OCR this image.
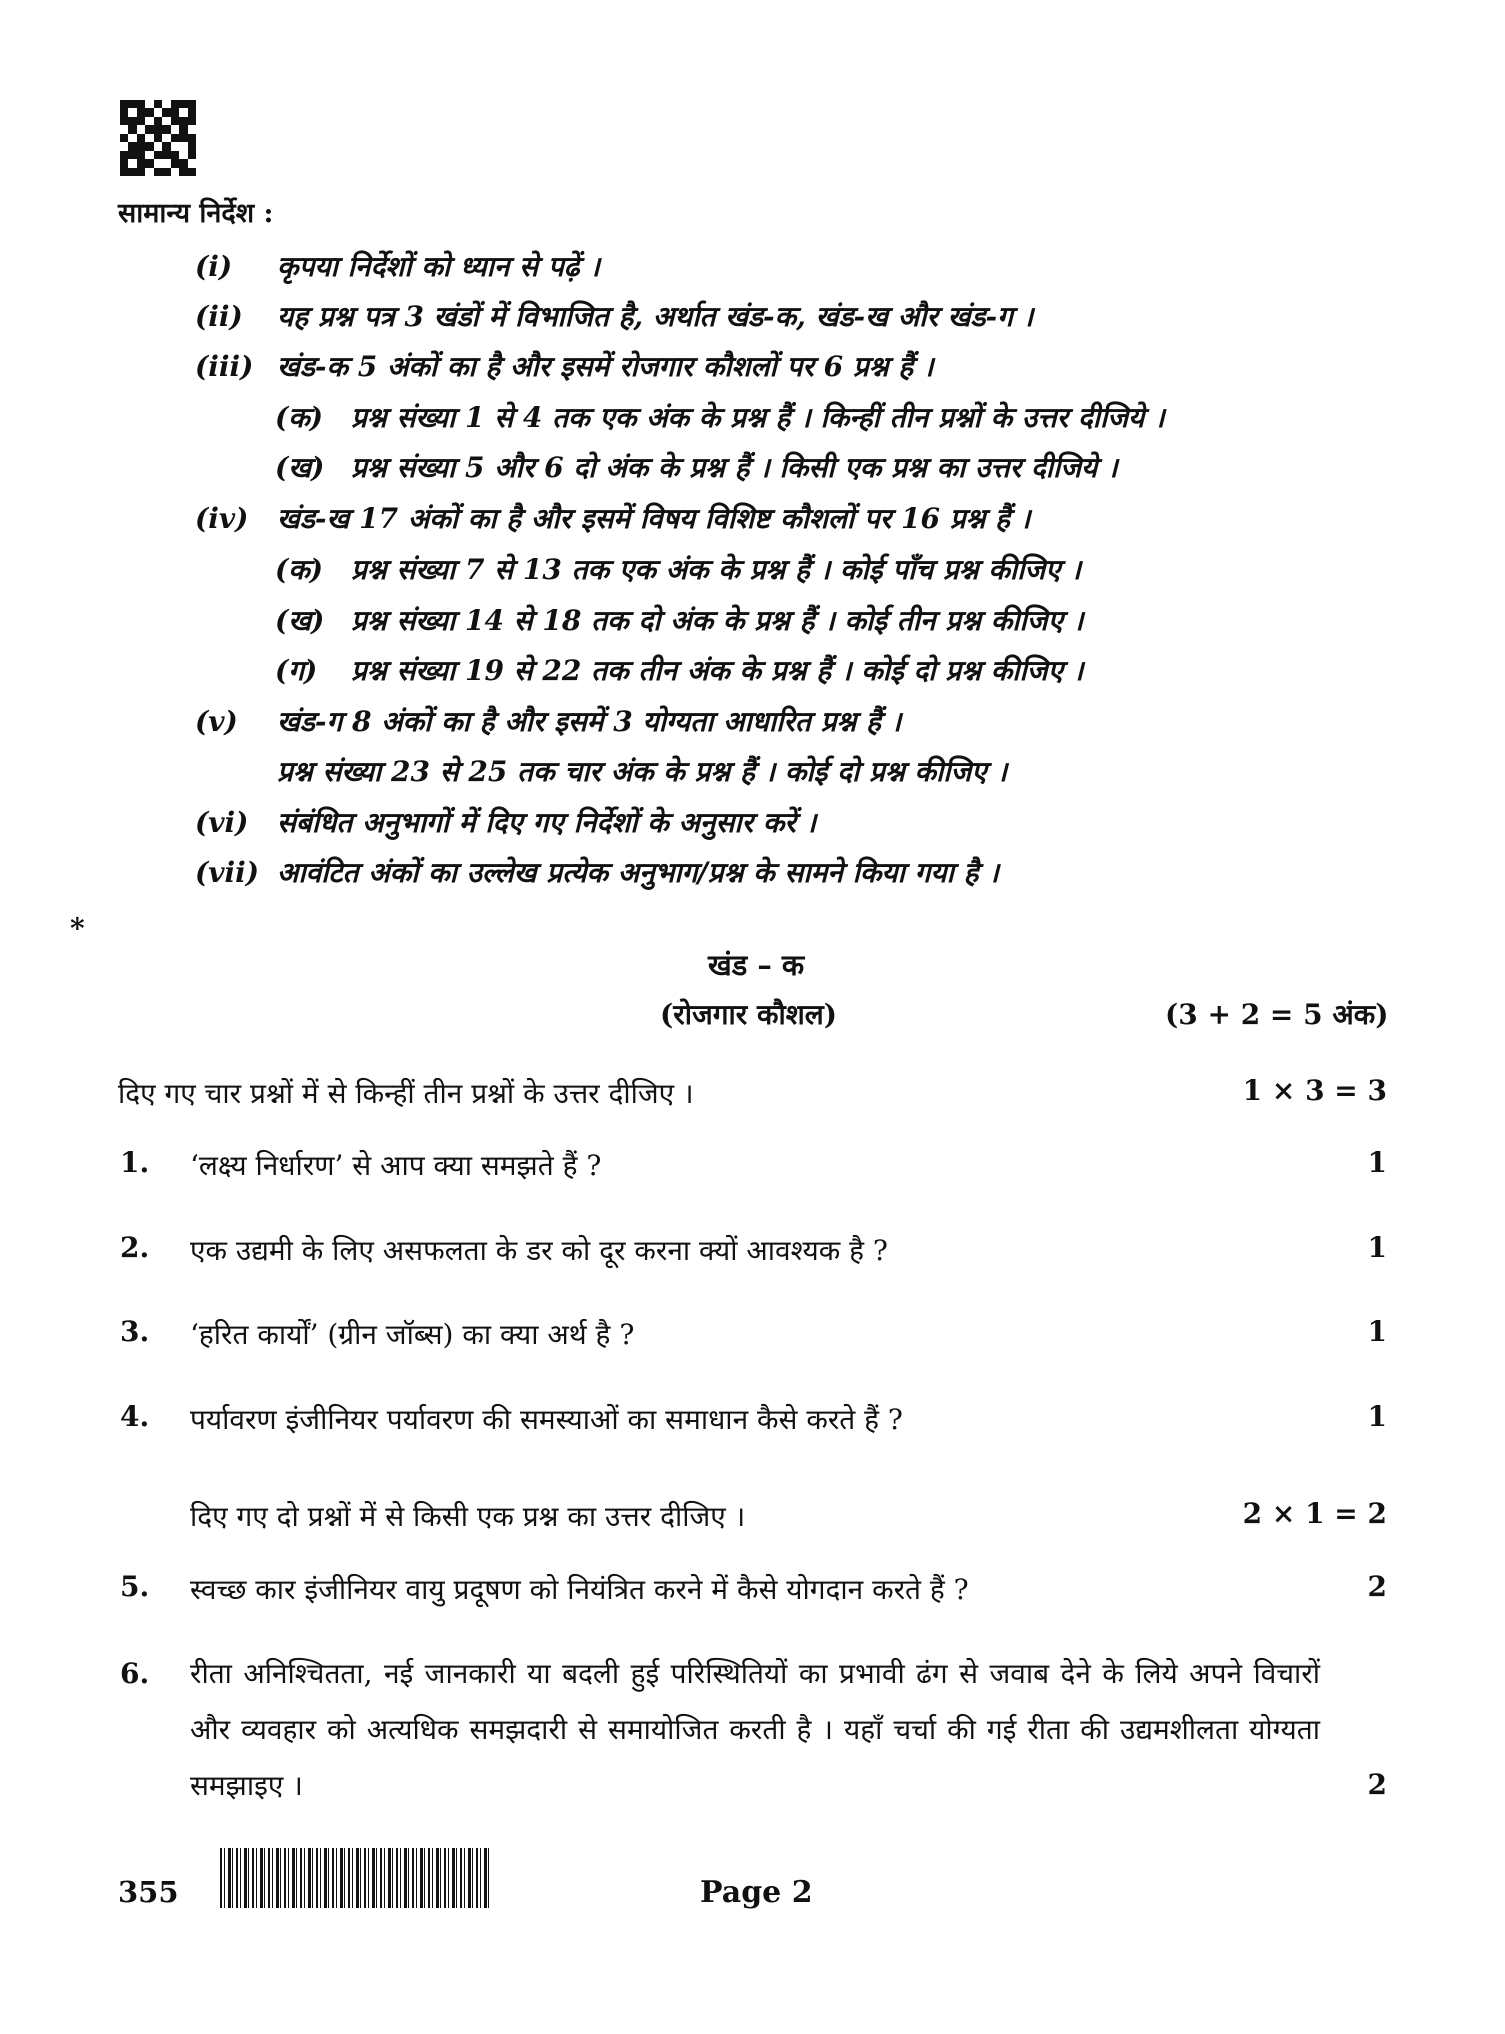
सामान्य निर्देश :
(i) कृपया निर्देशों को ध्यान से पढ़ें ।
(ii) यह प्रश्न पत्र 3 खंडों में विभाजित है, अर्थात खंड-क, खंड-ख और खंड-ग ।
(iii) खंड-क 5 अंकों का है और इसमें रोजगार कौशलों पर 6 प्रश्न हैं ।
(क) प्रश्न संख्या 1 से 4 तक एक अंक के प्रश्न हैं । किन्हीं तीन प्रश्नों के उत्तर दीजिये ।
(ख) प्रश्न संख्या 5 और 6 दो अंक के प्रश्न हैं । किसी एक प्रश्न का उत्तर दीजिये ।
(iv) खंड-ख 17 अंकों का है और इसमें विषय विशिष्ट कौशलों पर 16 प्रश्न हैं ।
(क) प्रश्न संख्या 7 से 13 तक एक अंक के प्रश्न हैं । कोई पाँच प्रश्न कीजिए ।
(ख) प्रश्न संख्या 14 से 18 तक दो अंक के प्रश्न हैं । कोई तीन प्रश्न कीजिए ।
(ग) प्रश्न संख्या 19 से 22 तक तीन अंक के प्रश्न हैं । कोई दो प्रश्न कीजिए ।
(v) खंड-ग 8 अंकों का है और इसमें 3 योग्यता आधारित प्रश्न हैं ।
प्रश्न संख्या 23 से 25 तक चार अंक के प्रश्न हैं । कोई दो प्रश्न कीजिए ।
(vi) संबंधित अनुभागों में दिए गए निर्देशों के अनुसार करें ।
(vii) आवंटित अंकों का उल्लेख प्रत्येक अनुभाग/प्रश्न के सामने किया गया है ।
*
खंड – क
(रोजगार कौशल)	(3 + 2 = 5 अंक)
दिए गए चार प्रश्नों में से किन्हीं तीन प्रश्नों के उत्तर दीजिए ।	1 × 3 = 3
1. ‘लक्ष्य निर्धारण’ से आप क्या समझते हैं ?	1
2. एक उद्यमी के लिए असफलता के डर को दूर करना क्यों आवश्यक है ?	1
3. ‘हरित कार्यों’ (ग्रीन जॉब्स) का क्या अर्थ है ?	1
4. पर्यावरण इंजीनियर पर्यावरण की समस्याओं का समाधान कैसे करते हैं ?	1
दिए गए दो प्रश्नों में से किसी एक प्रश्न का उत्तर दीजिए ।	2 × 1 = 2
5. स्वच्छ कार इंजीनियर वायु प्रदूषण को नियंत्रित करने में कैसे योगदान करते हैं ?	2
6. रीता अनिश्चितता, नई जानकारी या बदली हुई परिस्थितियों का प्रभावी ढंग से जवाब देने के लिये अपने विचारों और व्यवहार को अत्यधिक समझदारी से समायोजित करती है । यहाँ चर्चा की गई रीता की उद्यमशीलता योग्यता समझाइए ।	2
355	Page 2
